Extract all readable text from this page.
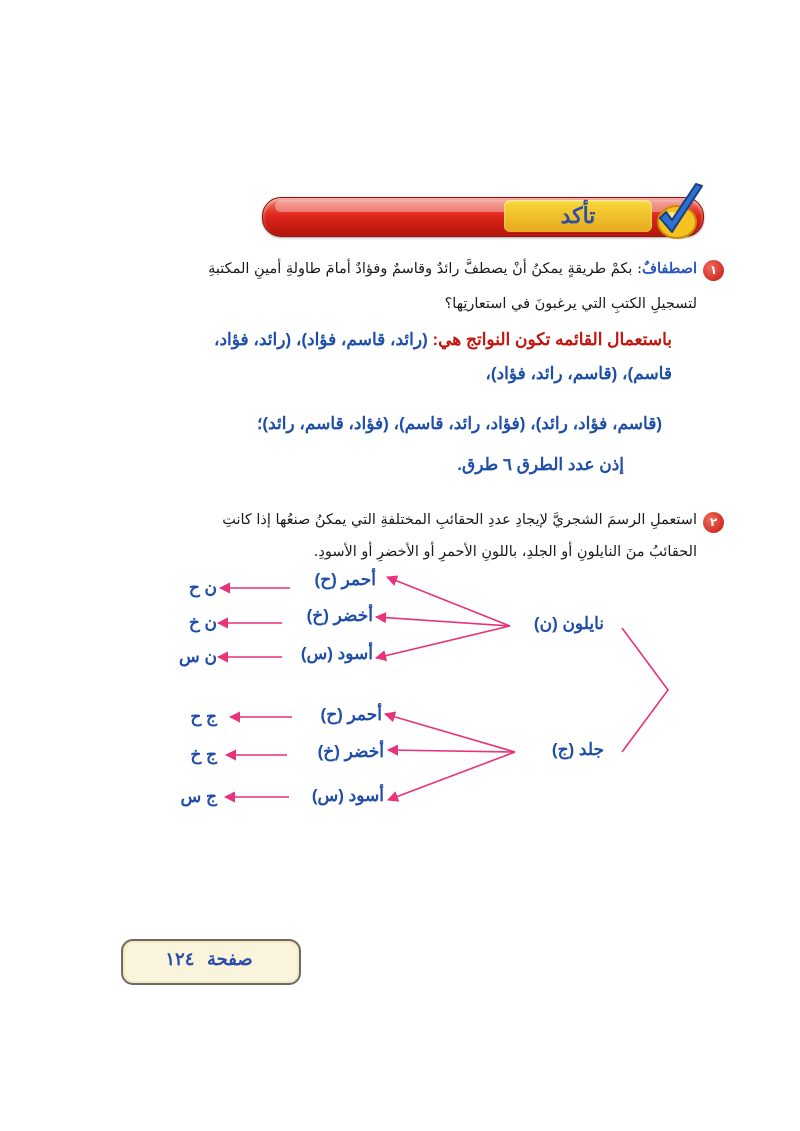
تأكد
١
اصطفافٌ: بكمْ طريقةٍ يمكنُ أنْ يصطفَّ رائدٌ وقاسمٌ وفؤادٌ أمامَ طاولةِ أمينِ المكتبةِ
لتسجيلِ الكتبِ التي يرغبونَ في استعارتِها؟
باستعمال القائمه تكون النواتج هي: (رائد، قاسم، فؤاد)، (رائد، فؤاد،
قاسم)، (قاسم، رائد، فؤاد)،
(قاسم، فؤاد، رائد)، (فؤاد، رائد، قاسم)، (فؤاد، قاسم، رائد)؛
إذن عدد الطرق ٦ طرق.
٢
استعملِ الرسمَ الشجريَّ لإيجادِ عددِ الحقائبِ المختلفةِ التي يمكنُ صنعُها إذا كانتِ
الحقائبُ منَ النايلونِ أو الجلدِ، باللونِ الأحمرِ أو الأخضرِ أو الأسودِ.
نايلون (ن)
جلد (ج)
أحمر (ح)
أخضر (خ)
أسود (س)
أحمر (ح)
أخضر (خ)
أسود (س)
ن ح
ن خ
ن س
ج ح
ج خ
ج س
صفحة  ١٢٤
